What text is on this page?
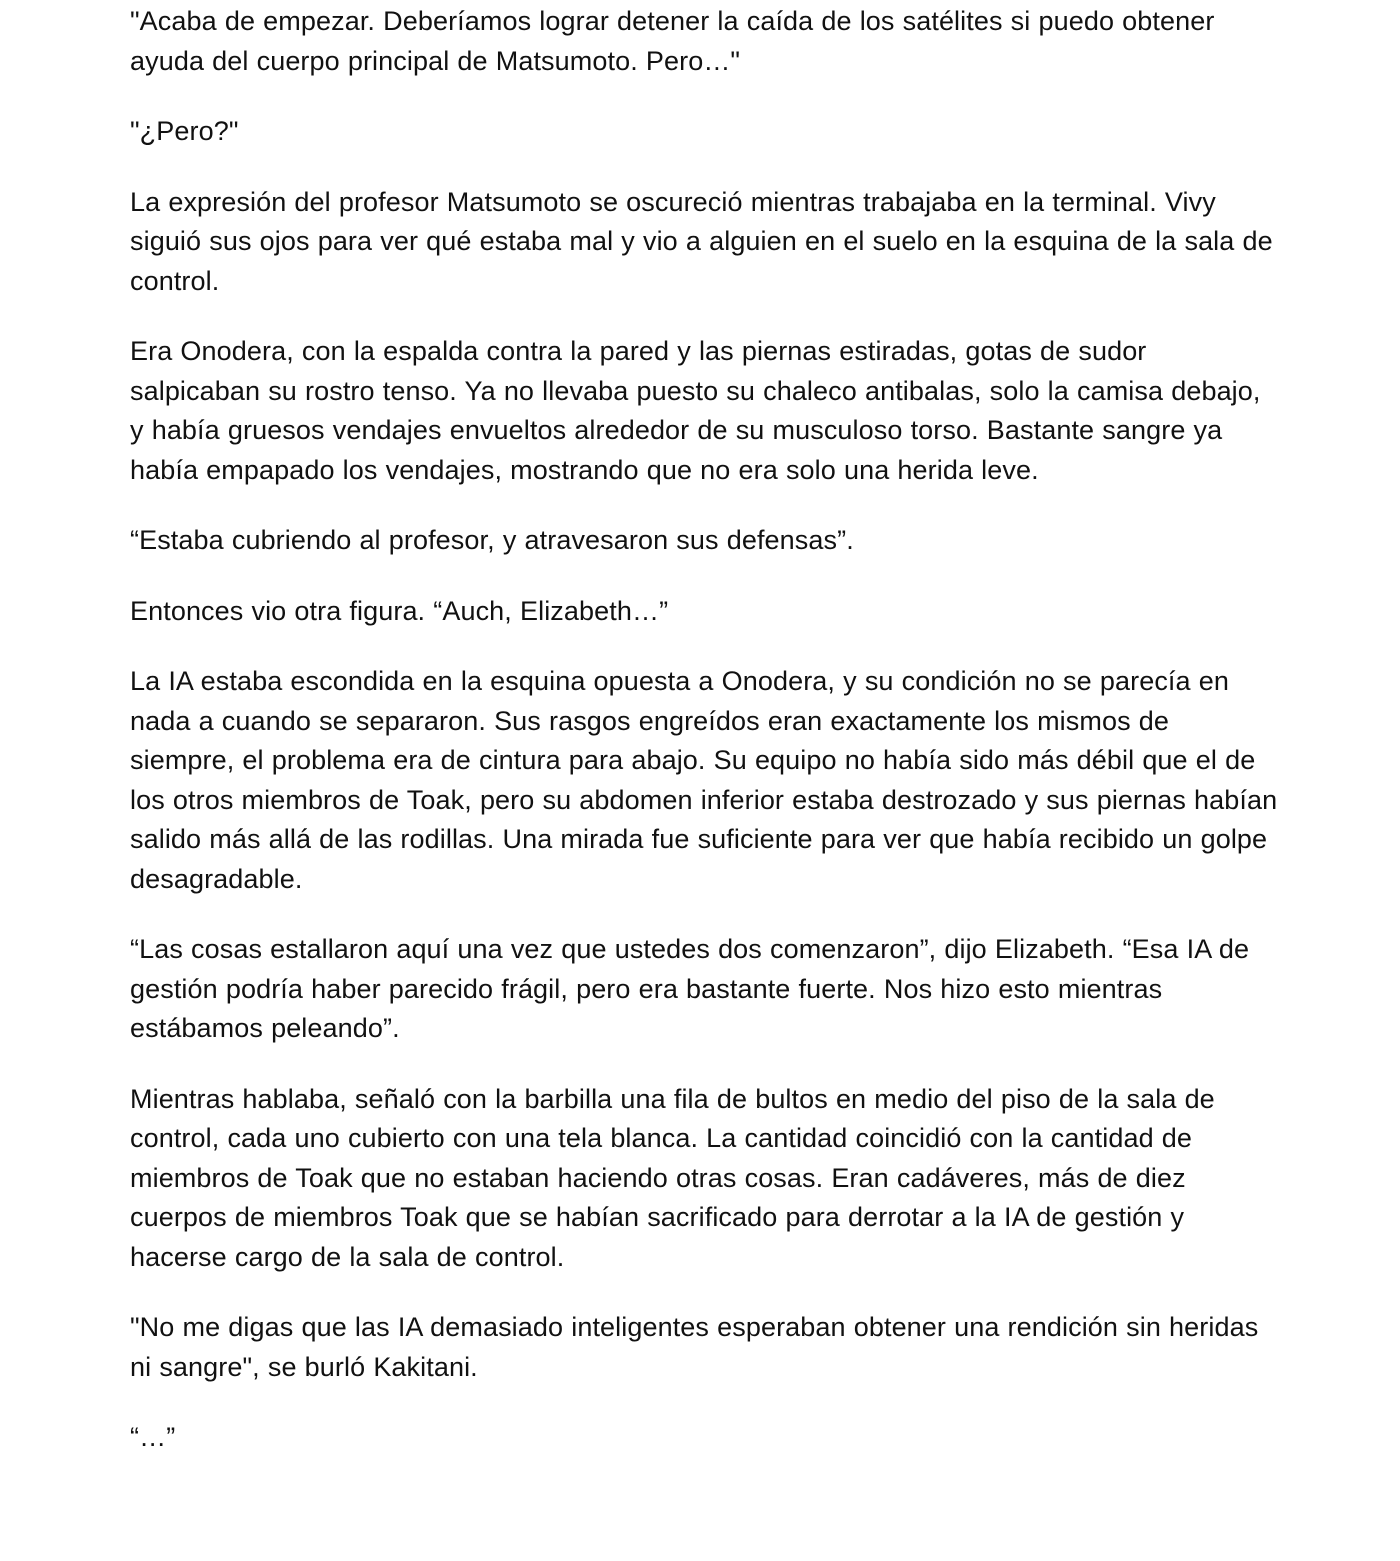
"Acaba de empezar. Deberíamos lograr detener la caída de los satélites si puedo obtener ayuda del cuerpo principal de Matsumoto. Pero…"

"¿Pero?"

La expresión del profesor Matsumoto se oscureció mientras trabajaba en la terminal. Vivy siguió sus ojos para ver qué estaba mal y vio a alguien en el suelo en la esquina de la sala de control.

Era Onodera, con la espalda contra la pared y las piernas estiradas, gotas de sudor salpicaban su rostro tenso. Ya no llevaba puesto su chaleco antibalas, solo la camisa debajo, y había gruesos vendajes envueltos alrededor de su musculoso torso. Bastante sangre ya había empapado los vendajes, mostrando que no era solo una herida leve.

“Estaba cubriendo al profesor, y atravesaron sus defensas”.

Entonces vio otra figura. “Auch, Elizabeth…”

La IA estaba escondida en la esquina opuesta a Onodera, y su condición no se parecía en nada a cuando se separaron. Sus rasgos engreídos eran exactamente los mismos de siempre, el problema era de cintura para abajo. Su equipo no había sido más débil que el de los otros miembros de Toak, pero su abdomen inferior estaba destrozado y sus piernas habían salido más allá de las rodillas. Una mirada fue suficiente para ver que había recibido un golpe desagradable.

“Las cosas estallaron aquí una vez que ustedes dos comenzaron”, dijo Elizabeth. “Esa IA de gestión podría haber parecido frágil, pero era bastante fuerte. Nos hizo esto mientras estábamos peleando”.

Mientras hablaba, señaló con la barbilla una fila de bultos en medio del piso de la sala de control, cada uno cubierto con una tela blanca. La cantidad coincidió con la cantidad de miembros de Toak que no estaban haciendo otras cosas. Eran cadáveres, más de diez cuerpos de miembros Toak que se habían sacrificado para derrotar a la IA de gestión y hacerse cargo de la sala de control.

"No me digas que las IA demasiado inteligentes esperaban obtener una rendición sin heridas ni sangre", se burló Kakitani.

“…”
